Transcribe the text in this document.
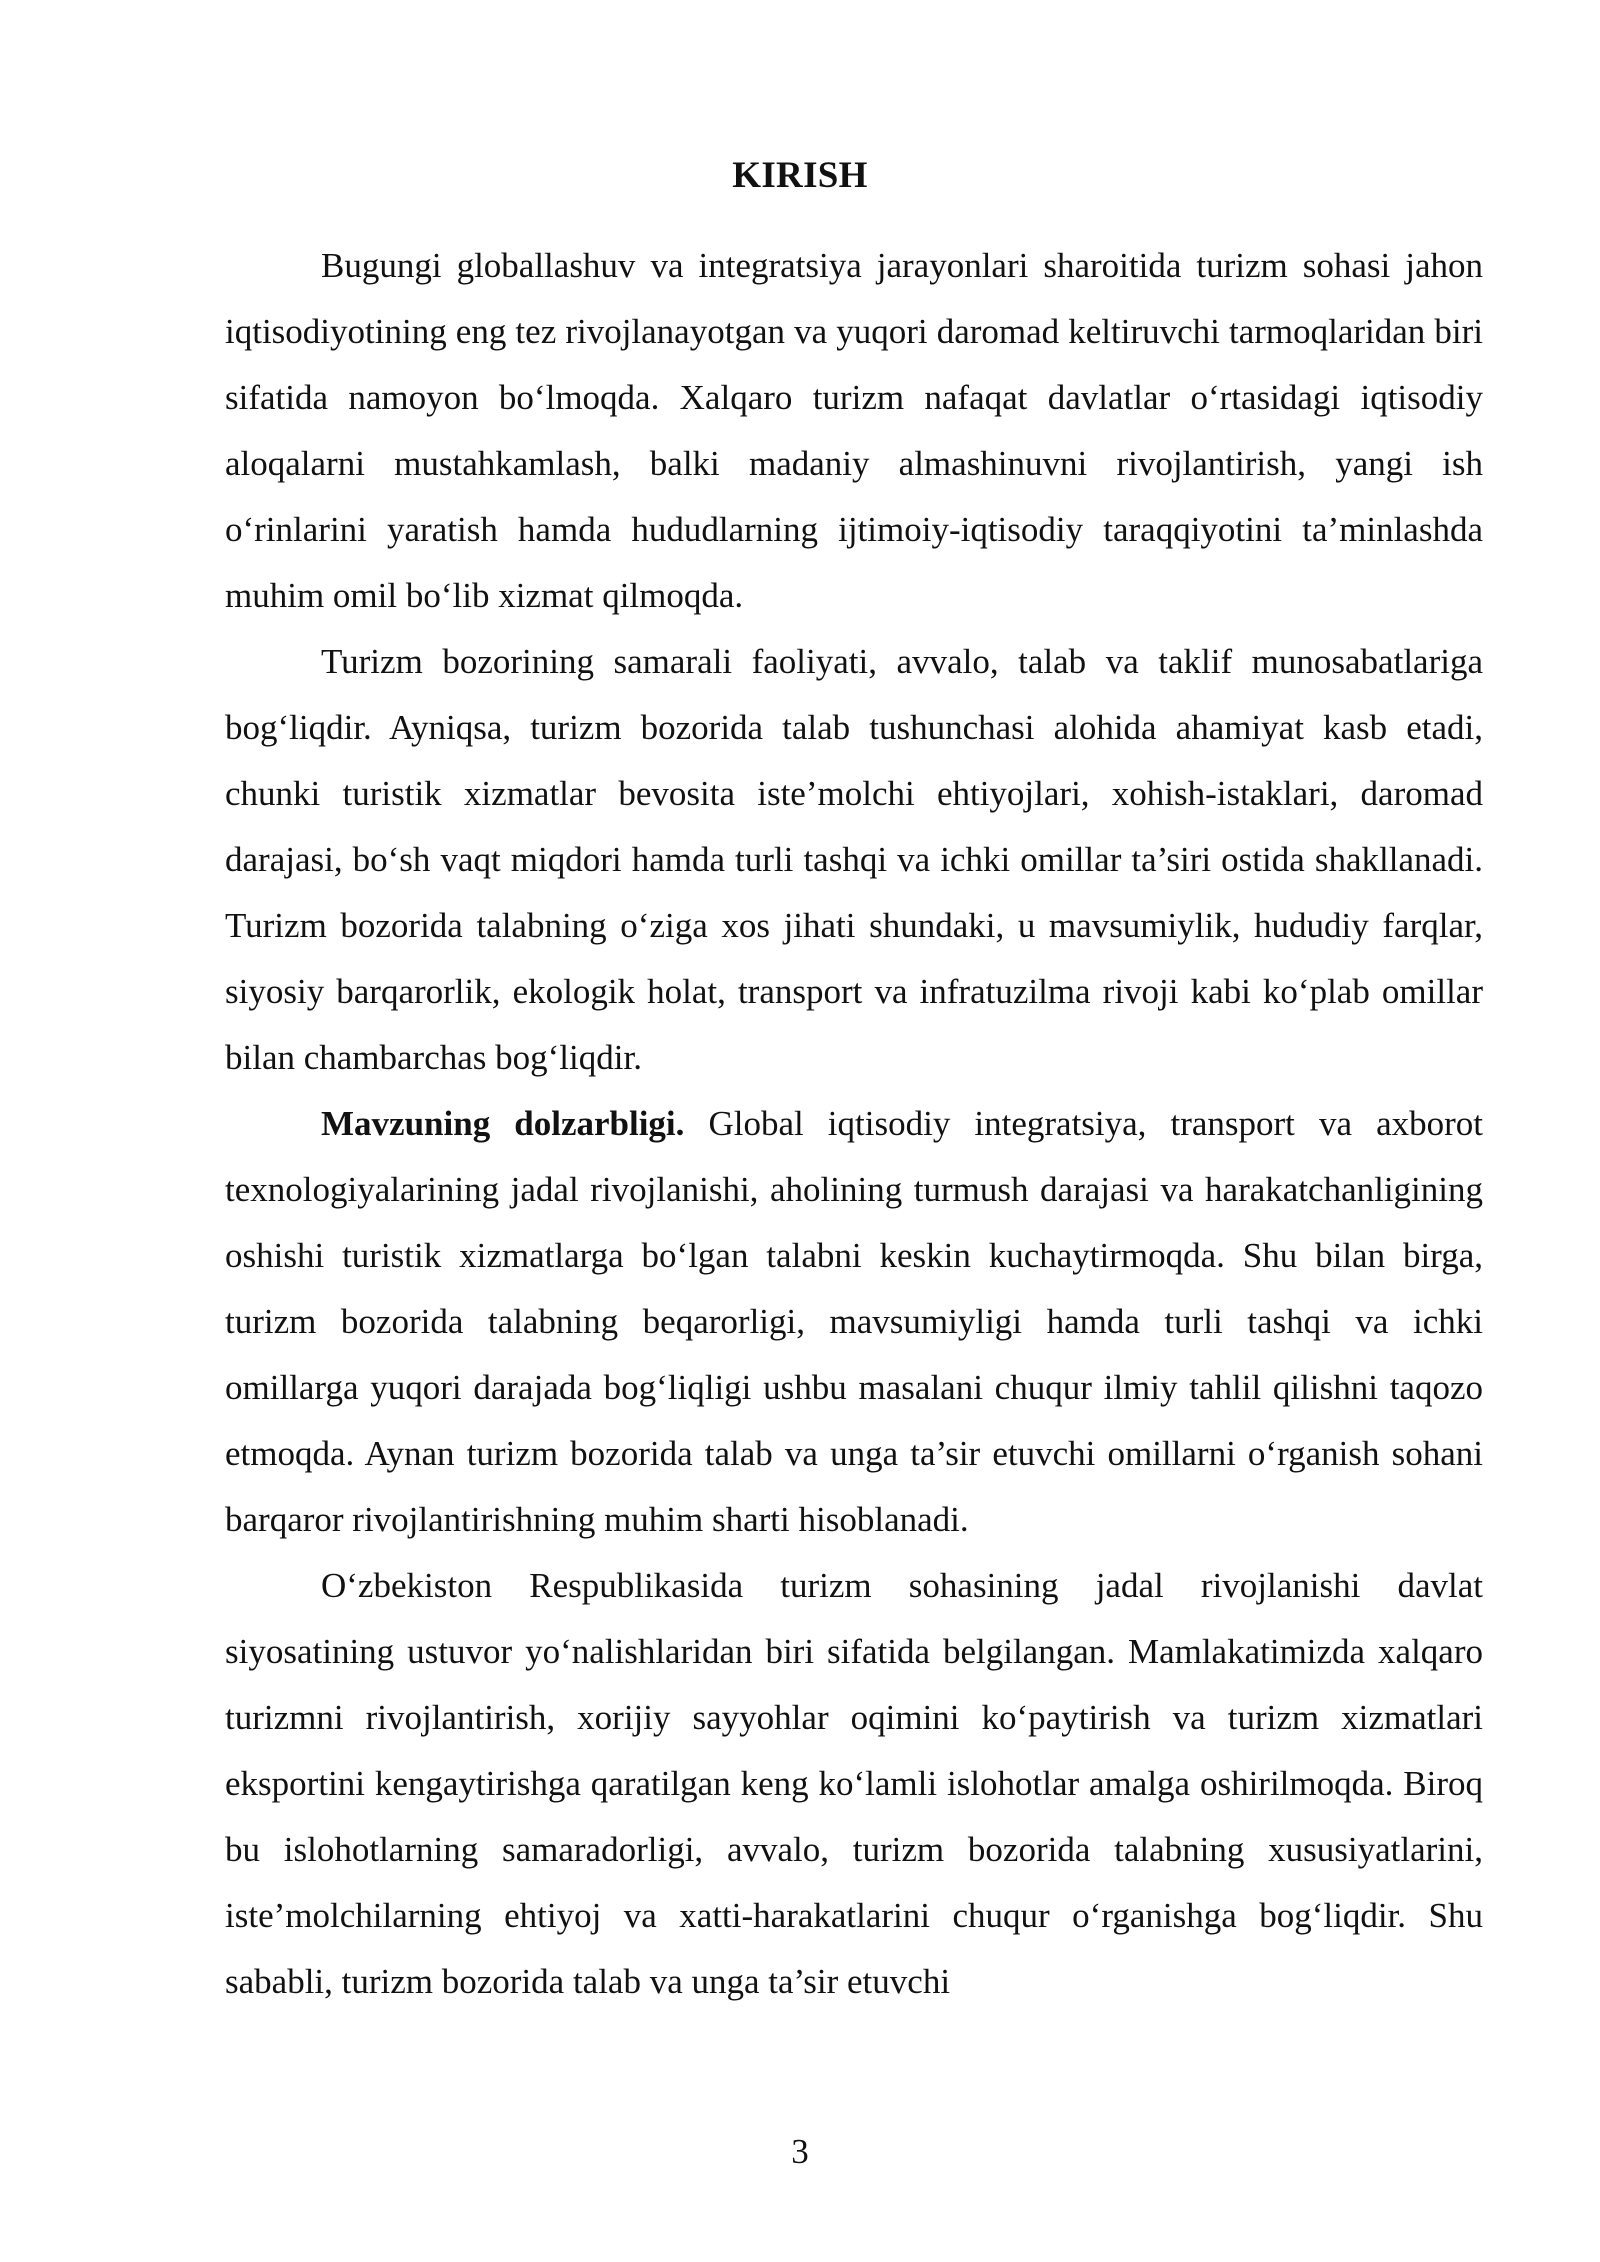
KIRISH

Bugungi globallashuv va integratsiya jarayonlari sharoitida turizm sohasi jahon iqtisodiyotining eng tez rivojlanayotgan va yuqori daromad keltiruvchi tarmoqlaridan biri sifatida namoyon bo‘lmoqda. Xalqaro turizm nafaqat davlatlar o‘rtasidagi iqtisodiy aloqalarni mustahkamlash, balki madaniy almashinuvni rivojlantirish, yangi ish o‘rinlarini yaratish hamda hududlarning ijtimoiy-iqtisodiy taraqqiyotini ta’minlashda muhim omil bo‘lib xizmat qilmoqda.

Turizm bozorining samarali faoliyati, avvalo, talab va taklif munosabatlariga bog‘liqdir. Ayniqsa, turizm bozorida talab tushunchasi alohida ahamiyat kasb etadi, chunki turistik xizmatlar bevosita iste’molchi ehtiyojlari, xohish-istaklari, daromad darajasi, bo‘sh vaqt miqdori hamda turli tashqi va ichki omillar ta’siri ostida shakllanadi. Turizm bozorida talabning o‘ziga xos jihati shundaki, u mavsumiylik, hududiy farqlar, siyosiy barqarorlik, ekologik holat, transport va infratuzilma rivoji kabi ko‘plab omillar bilan chambarchas bog‘liqdir.

Mavzuning dolzarbligi. Global iqtisodiy integratsiya, transport va axborot texnologiyalarining jadal rivojlanishi, aholining turmush darajasi va harakatchanligining oshishi turistik xizmatlarga bo‘lgan talabni keskin kuchaytirmoqda. Shu bilan birga, turizm bozorida talabning beqarorligi, mavsumiyligi hamda turli tashqi va ichki omillarga yuqori darajada bog‘liqligi ushbu masalani chuqur ilmiy tahlil qilishni taqozo etmoqda. Aynan turizm bozorida talab va unga ta’sir etuvchi omillarni o‘rganish sohani barqaror rivojlantirishning muhim sharti hisoblanadi.

O‘zbekiston Respublikasida turizm sohasining jadal rivojlanishi davlat siyosatining ustuvor yo‘nalishlaridan biri sifatida belgilangan. Mamlakatimizda xalqaro turizmni rivojlantirish, xorijiy sayyohlar oqimini ko‘paytirish va turizm xizmatlari eksportini kengaytirishga qaratilgan keng ko‘lamli islohotlar amalga oshirilmoqda. Biroq bu islohotlarning samaradorligi, avvalo, turizm bozorida talabning xususiyatlarini, iste’molchilarning ehtiyoj va xatti-harakatlarini chuqur o‘rganishga bog‘liqdir. Shu sababli, turizm bozorida talab va unga ta’sir etuvchi

3
